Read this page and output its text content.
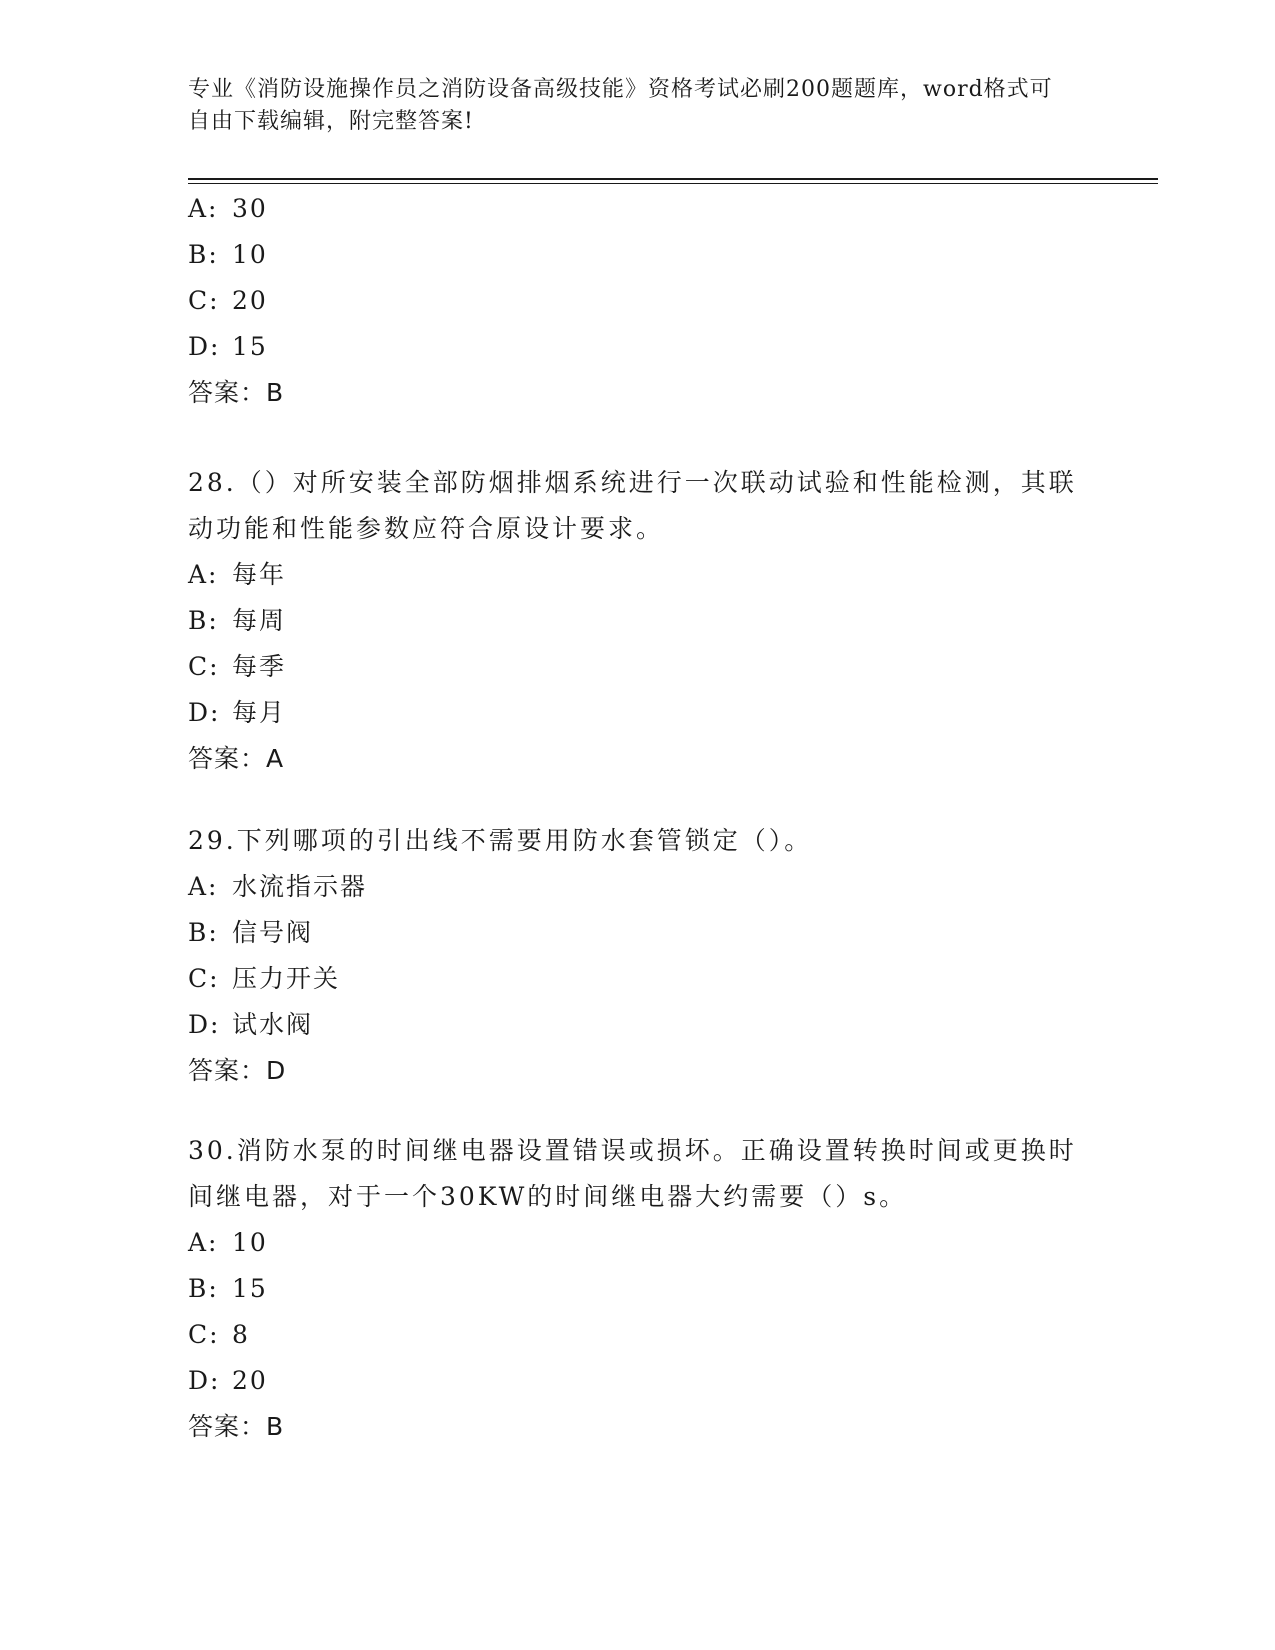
专业《消防设施操作员之消防设备高级技能》资格考试必刷200题题库，word格式可自由下载编辑，附完整答案!
A: 30
B: 10
C: 20
D: 15
答案：B
28.（）对所安装全部防烟排烟系统进行一次联动试验和性能检测，其联动功能和性能参数应符合原设计要求。
A: 每年
B: 每周
C: 每季
D: 每月
答案：A
29.下列哪项的引出线不需要用防水套管锁定（）。
A: 水流指示器
B: 信号阀
C: 压力开关
D: 试水阀
答案：D
30.消防水泵的时间继电器设置错误或损坏。正确设置转换时间或更换时间继电器，对于一个30KW的时间继电器大约需要（）s。
A: 10
B: 15
C: 8
D: 20
答案：B
